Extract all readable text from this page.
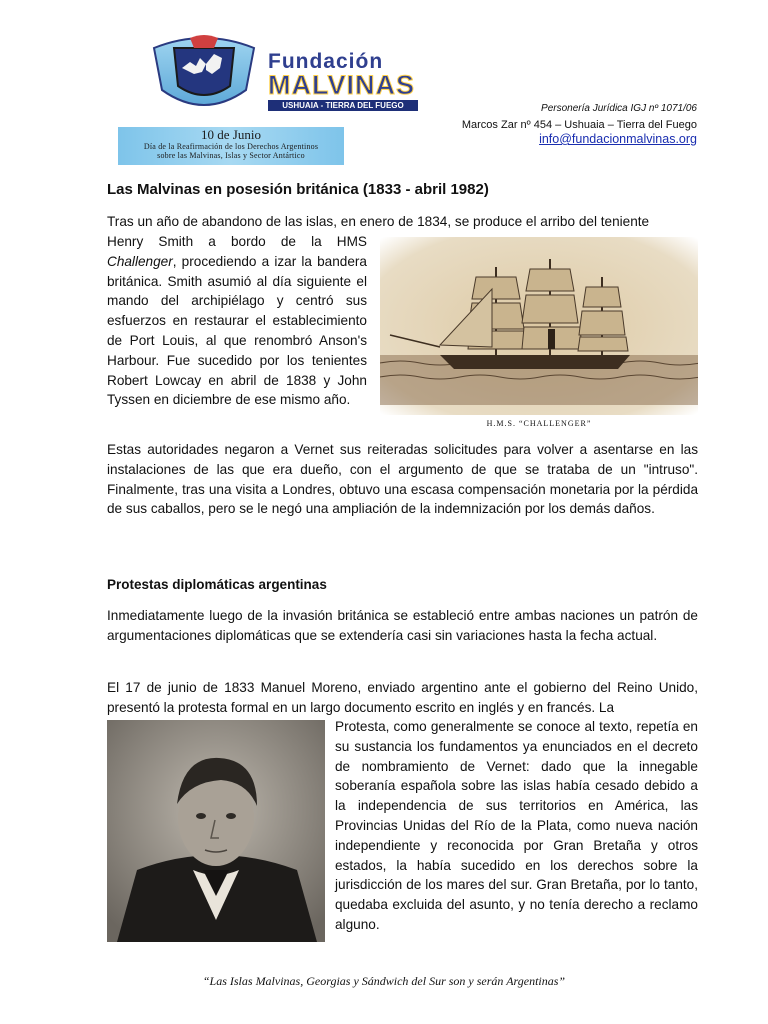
Fundación
MALVINAS
USHUAIA - TIERRA DEL FUEGO
10 de Junio
Día de la Reafirmación de los Derechos Argentinos
sobre las Malvinas, Islas y Sector Antártico
Personería Jurídica IGJ nº 1071/06
Marcos Zar nº 454 – Ushuaia – Tierra del Fuego
info@fundacionmalvinas.org
Las Malvinas en posesión británica (1833 - abril 1982)
Tras un año de abandono de las islas, en enero de 1834, se produce el arribo del teniente
Henry Smith a bordo de la HMS Challenger, procediendo a izar la bandera británica. Smith asumió al día siguiente el mando del archipiélago y centró sus esfuerzos en restaurar el establecimiento de Port Louis, al que renombró Anson's Harbour. Fue sucedido por los tenientes Robert Lowcay en abril de 1838 y John Tyssen en diciembre de ese mismo año.
H.M.S. “CHALLENGER”
Estas autoridades negaron a Vernet sus reiteradas solicitudes para volver a asentarse en las instalaciones de las que era dueño, con el argumento de que se trataba de un "intruso". Finalmente, tras una visita a Londres, obtuvo una escasa compensación monetaria por la pérdida de sus caballos, pero se le negó una ampliación de la indemnización por los demás daños.
Protestas diplomáticas argentinas
Inmediatamente luego de la invasión británica se estableció entre ambas naciones un patrón de argumentaciones diplomáticas que se extendería casi sin variaciones hasta la fecha actual.
El 17 de junio de 1833 Manuel Moreno, enviado argentino ante el gobierno del Reino Unido, presentó la protesta formal en un largo documento escrito en inglés y en francés. La
Protesta, como generalmente se conoce al texto, repetía en su sustancia los fundamentos ya enunciados en el decreto de nombramiento de Vernet: dado que la innegable soberanía española sobre las islas había cesado debido a la independencia de sus territorios en América, las Provincias Unidas del Río de la Plata, como nueva nación independiente y reconocida por Gran Bretaña y otros estados, la había sucedido en los derechos sobre la jurisdicción de los mares del sur. Gran Bretaña, por lo tanto, quedaba excluida del asunto, y no tenía derecho a reclamo alguno.
“Las Islas Malvinas, Georgias y Sándwich del Sur son y serán Argentinas”
